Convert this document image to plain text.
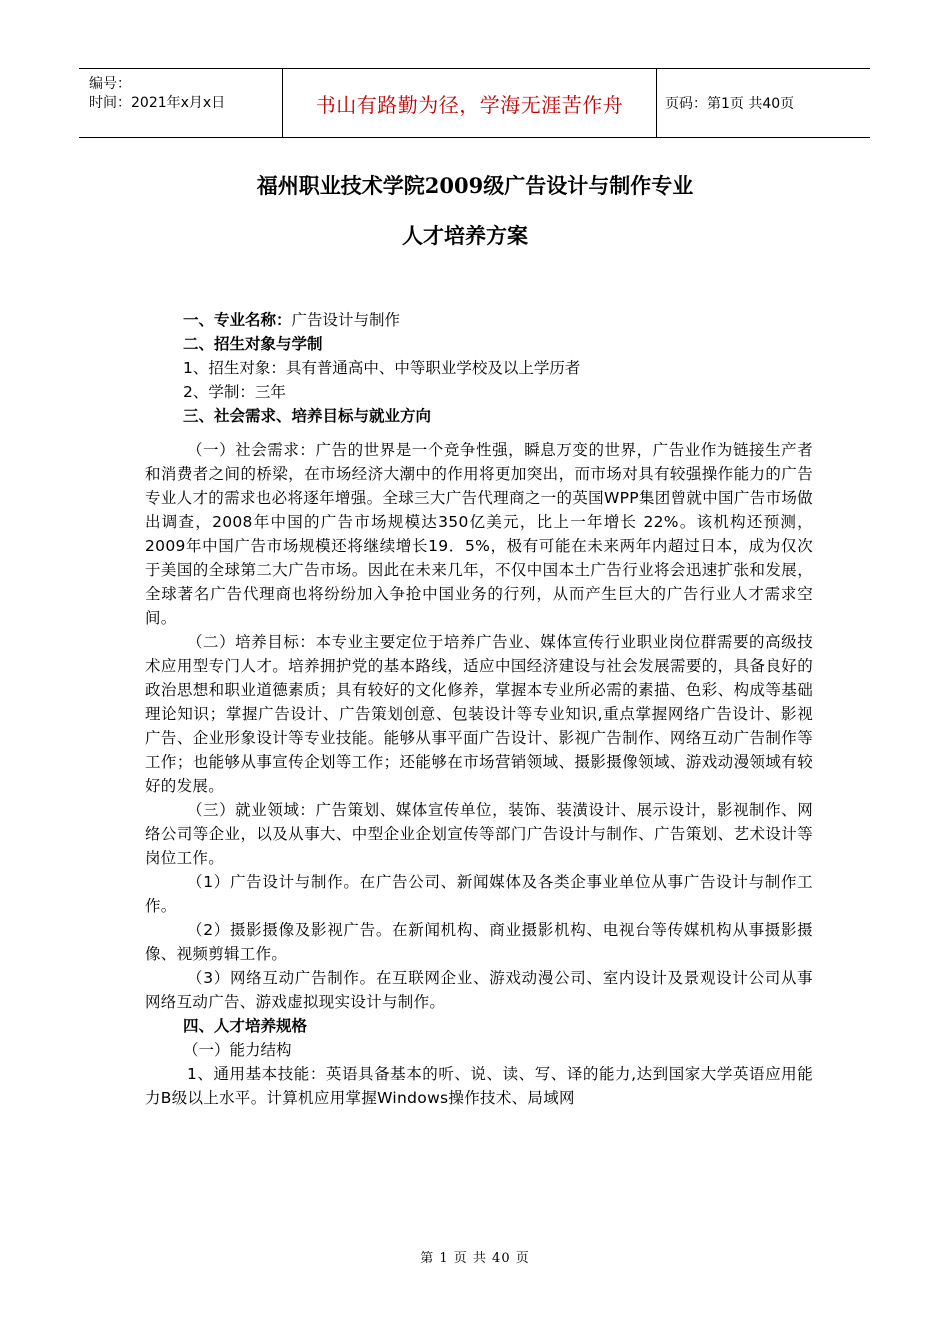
编号：
时间：2021年x月x日	书山有路勤为径，学海无涯苦作舟	页码：第1页 共40页
福州职业技术学院2009级广告设计与制作专业
人才培养方案

一、专业名称：广告设计与制作

二、招生对象与学制

1、招生对象：具有普通高中、中等职业学校及以上学历者

2、学制：三年

三、社会需求、培养目标与就业方向

（一）社会需求：广告的世界是一个竞争性强，瞬息万变的世界，广告业作为链接生产者和消费者之间的桥梁，在市场经济大潮中的作用将更加突出，而市场对具有较强操作能力的广告专业人才的需求也必将逐年增强。全球三大广告代理商之一的英国WPP集团曾就中国广告市场做出调查，2008年中国的广告市场规模达350亿美元，比上一年增长 22%。该机构还预测，2009年中国广告市场规模还将继续增长19．5%，极有可能在未来两年内超过日本，成为仅次于美国的全球第二大广告市场。因此在未来几年，不仅中国本土广告行业将会迅速扩张和发展，全球著名广告代理商也将纷纷加入争抢中国业务的行列，从而产生巨大的广告行业人才需求空间。

（二）培养目标：本专业主要定位于培养广告业、媒体宣传行业职业岗位群需要的高级技术应用型专门人才。培养拥护党的基本路线，适应中国经济建设与社会发展需要的，具备良好的政治思想和职业道德素质；具有较好的文化修养，掌握本专业所必需的素描、色彩、构成等基础理论知识；掌握广告设计、广告策划创意、包装设计等专业知识,重点掌握网络广告设计、影视广告、企业形象设计等专业技能。能够从事平面广告设计、影视广告制作、网络互动广告制作等工作；也能够从事宣传企划等工作；还能够在市场营销领域、摄影摄像领域、游戏动漫领域有较好的发展。

（三）就业领域：广告策划、媒体宣传单位，装饰、装潢设计、展示设计，影视制作、网络公司等企业，以及从事大、中型企业企划宣传等部门广告设计与制作、广告策划、艺术设计等岗位工作。

（1）广告设计与制作。在广告公司、新闻媒体及各类企事业单位从事广告设计与制作工作。

（2）摄影摄像及影视广告。在新闻机构、商业摄影机构、电视台等传媒机构从事摄影摄像、视频剪辑工作。

（3）网络互动广告制作。在互联网企业、游戏动漫公司、室内设计及景观设计公司从事网络互动广告、游戏虚拟现实设计与制作。

四、人才培养规格

（一）能力结构

1、通用基本技能：英语具备基本的听、说、读、写、译的能力,达到国家大学英语应用能力B级以上水平。计算机应用掌握Windows操作技术、局域网

第 1 页 共 40 页
